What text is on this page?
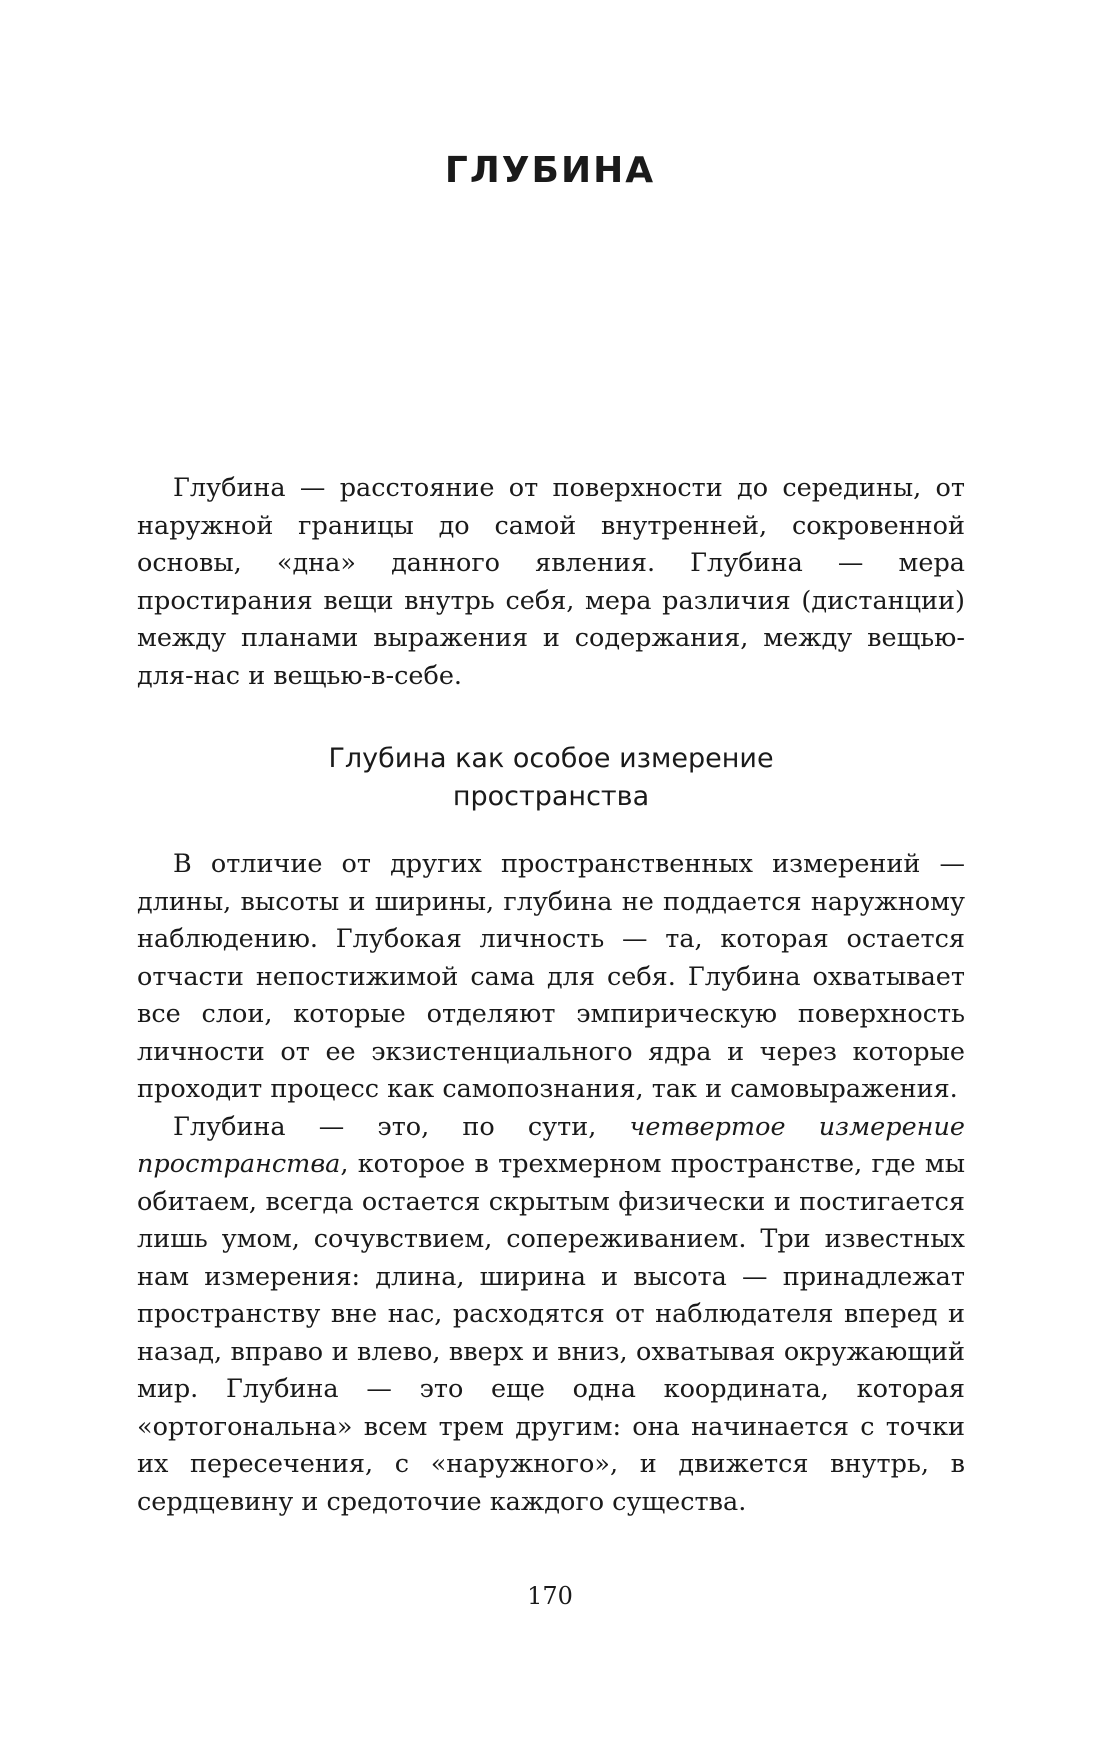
ГЛУБИНА

Глубина — расстояние от поверхности до середины, от наружной границы до самой внутренней, сокровенной основы, «дна» данного явления. Глубина — мера простирания вещи внутрь себя, мера различия (дистанции) между планами выражения и содержания, между вещью-для-нас и вещью-в-себе.

Глубина как особое измерение
пространства

В отличие от других пространственных измерений — длины, высоты и ширины, глубина не поддается наружному наблюдению. Глубокая личность — та, которая остается отчасти непостижимой сама для себя. Глубина охватывает все слои, которые отделяют эмпирическую поверхность личности от ее экзистенциального ядра и через которые проходит процесс как самопознания, так и самовыражения.

Глубина — это, по сути, четвертое измерение пространства, которое в трехмерном пространстве, где мы обитаем, всегда остается скрытым физически и постигается лишь умом, сочувствием, сопереживанием. Три известных нам измерения: длина, ширина и высота — принадлежат пространству вне нас, расходятся от наблюдателя вперед и назад, вправо и влево, вверх и вниз, охватывая окружающий мир. Глубина — это еще одна координата, которая «ортогональна» всем трем другим: она начинается с точки их пересечения, с «наружного», и движется внутрь, в сердцевину и средоточие каждого существа.

170
